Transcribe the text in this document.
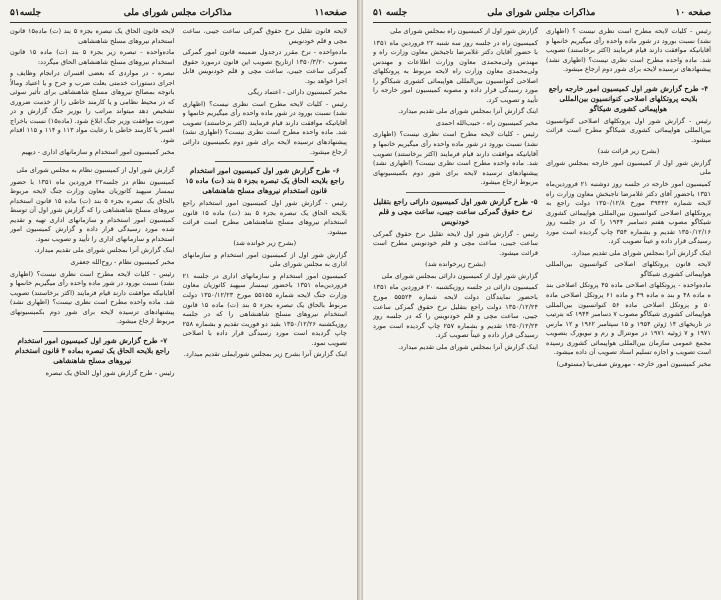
صفحه۱۱
مذاکرات مجلس شورای ملی
جلسه۵۱

لایحه قانون تقلیل نرخ حقوق گمرکی ساعت جیبی، ساعت مچی و قلم خودنویس

ماده‌واحده - نرخ مقرر درجدول ضمیمه قانون امور گمرکی مصوب ۱۳۵۰/۳/۲۰ ازتاریخ تصویب این قانون درمورد حقوق گمرکی ساعت جیبی، ساعت مچی و قلم خودنویس قابل اجرا خواهد بود.

مخبر کمیسیون دارائی - اعتماد ریگی

رئیس - کلیات لایحه مطرح است نظری نیست؟ (اظهاری نشد) نسبت بورود در شور ماده واحده رأی میگیریم خانمها و آقایانیکه موافقت دارند قیام فرمایند (اکثر برخاستند) تصویب شد. ماده واحده مطرح است نظری نیست؟ (اظهاری نشد) پیشنهادهای ترسیده لایحه برای شور دوم بکمیسیون دارائی ارجاع میشود.

۶- طرح گزارش شور اول کمیسیون امور استخدام راجع بلایحه الحاق یک تبصره بجزء ۵ بند (ت) ماده ۱۵ قانون استخدام نیروهای مسلح شاهنشاهی

رئیس - گزارش شور اول کمیسیون امور استخدام راجع بلایحه الحاق یک تبصره بجزء ۵ بند (ت) ماده ۱۵ قانون استخدام نیروهای مسلح شاهنشاهی مطرح است قرائت میشود.

(بشرح زیر خوانده شد)

گزارش شور اول از کمیسیون امور استخدام و سازمانهای اداری به مجلس شورای ملی

کمیسیون امور استخدام و سازمانهای اداری در جلسه ۲۱ فروردین‌ماه ۱۳۵۱ باحضور تیمسار سپهبد کاتوزیان معاون وزارت جنگ لایحه شماره ۵۵۱۵۵ مورخ ۱۳۵۰/۱۲/۲۳ دولت مربوط بالحاق یک تبصره بجزء ۵ بند (ت) ماده ۱۵ قانون استخدام نیروهای مسلح شاهنشاهی را که در جلسه روزیکشنبه ۱۳۵۰/۱۲/۲۶ بقید دو فوریت تقدیم و بشماره ۲۵۸ چاپ گردیده است مورد رسیدگی قرار داده با اصلاحی تصویب نمود.

اینک گزارش آنرا بشرح زیر بمجلس شورایملی تقدیم میدارد.

لایحه قانون الحاق یک تبصره بجزء ۵ بند (ت) ماده۱۵ قانون استخدام نیروهای مسلح شاهنشاهی

ماده‌واحده - تبصره زیر بجزء ۵ بند (ت) ماده ۱۵ قانون استخدام نیروهای مسلح شاهنشاهی الحاق میگردد:

تبصره - در مواردی که بعضی افسران درانجام وظایف و اجرای دستورات خدمتی بعلت ضرب و جرح و یا اعتیاد ومالاً باتوجه بمصالح نیروهای مسلح شاهنشاهی برای تأثیر سوئی که در محیط نظامی و یا کارمند خاطی را از خدمت ضروری تشخیص دهد میتواند مراتب را بوزیر جنگ گزارش و در صورت موافقت وزیر جنگ ابلاغ شود. (ماده۱۵) نسبت باخراج افسر یا کارمند خاطی با رعایت مواد ۱۱۳ و ۱۱۴ و ۱۱۵ اقدام شود.

مخبر کمیسیون امور استخدام و سازمانهای اداری - دیهیم

گزارش شور اول از کمیسیون نظام به مجلس شورای ملی

کمیسیون نظام در جلسه۲۲ فروردین ماه ۱۳۵۱ با حضور تیمسار سپهبد کاتوزیان معاون وزارت جنگ لایحه مربوط بالحاق یک تبصره بجزء ۵ بند (ت) ماده ۱۵ قانون استخدام نیروهای مسلح شاهنشاهی را که گزارش شور اول آن توسط کمیسیون امور استخدام و سازمانهای اداری تهیه و تقدیم شده مورد رسیدگی قرار داده و گزارش کمیسیون امور استخدام و سازمانهای اداری را تأیید و تصویب نمود.

اینک گزارش آنرا بمجلس شورای ملی تقدیم میدارد.

مخبر کمیسیون نظام - روح‌الله جعفری

رئیس - کلیات لایحه مطرح است نظری نیست؟ (اظهاری نشد) نسبت بورود در شور ماده واحده رأی میگیریم خانمها و آقایانیکه موافقت دارند قیام فرمایند (اکثر برخاستند) تصویب شد. ماده واحده مطرح است نظری نیست؟ (اظهاری نشد) پیشنهادهای ترسیده لایحه برای شور دوم بکمیسیونهای مربوط ارجاع میشود.

۷- طرح گزارش شور اول کمیسیون امور استخدام راجع بلایحه الحاق یک تبصره بماده ۴ قانون استخدام نیروهای مسلح شاهنشاهی

رئیس - طرح گزارش شور اول الحاق یک تبصره

صفحه ۱۰
مذاکرات مجلس شورای ملی
جلسه ۵۱

رئیس - کلیات لایحه مطرح است نظری نیست ؟ (اظهاری نشد) نسبت بورود در شور ماده واحده رأی میگیریم خانمها و آقایانیکه موافقت دارند قیام فرمایند (اکثر برخاستند) تصویب شد. ماده واحده مطرح است نظری نیست؟ (اظهاری نشد) پیشنهادهای ترسیده لایحه برای شور دوم ارجاع میشود.

۴- طرح گزارش شور اول کمیسیون امور خارجه راجع بلایحه پروتکلهای اصلاحی کنوانسیون بین‌المللی هواپیمائی کشوری شیکاگو

رئیس - گزارش شور اول پروتکلهای اصلاحی کنوانسیون بین‌المللی هواپیمائی کشوری شیکاگو مطرح است قرائت میشود.

(بشرح زیر قرائت شد)

گزارش شور اول از کمیسیون امور خارجه بمجلس شورای ملی

کمیسیون امور خارجه در جلسه روز دوشنبه ۲۱ فروردین‌ماه ۱۳۵۱ باحضور آقای دکتر غلامرضا تاجبخش معاون وزارت راه لایحه شماره ۳۹۴۴۲ مورخ ۱۳۵۰/۱۲/۸ دولت راجع به پروتکلهای اصلاحی کنوانسیون بین‌المللی هواپیمائی کشوری شیکاگو مصوب هفتم دسامبر ۱۹۴۴ را که در جلسه روز ۱۳۵۰/۱۲/۱۶ تقدیم و بشماره ۳۵۴ چاپ گردیده است مورد رسیدگی قرار داده و عیناً تصویب کرد.

اینک گزارش آنرا بمجلس شورای ملی تقدیم میدارد.

لایحه قانون پروتکلهای اصلاحی کنوانسیون بین‌المللی هواپیمائی کشوری شیکاگو

ماده‌واحده - پروتکلهای اصلاحی ماده ۴۵ پروتکل اصلاحی بند ه ماده ۴۸ و بند ه ماده ۴۹ و ماده ۶۱ پروتکل اصلاحی ماده ۵۰ و پروتکل اصلاحی ماده ۵۶ کنوانسیون بین‌المللی هواپیمائی کشوری شیکاگو مصوب ۷ دسامبر ۱۹۴۴ که بترتیب در تاریخهای ۱۴ ژوئن ۱۹۵۴ و ۱۵ سپتامبر ۱۹۶۲ و ۱۲ مارس ۱۹۷۱ و ۷ ژوئیه ۱۹۷۱ در مونترال و رم و نیویورک بتصویب مجمع عمومی سازمان بین‌المللی هواپیمائی کشوری رسیده است تصویب و اجازه تسلیم اسناد تصویب آن داده میشود.

مخبر کمیسیون امور خارجه - مهروش صفی‌نیا (مستوفی)

گزارش شور اول از کمیسیون راه بمجلس شورای ملی

کمیسیون راه در جلسه روز سه شنبه ۲۲ فروردین ماه ۱۳۵۱ با حضور آقایان دکتر غلامرضا تاجبخش معاون وزارت راه و مهندس ولی‌محمدی معاون وزارت اطلاعات و مهندس ولی‌محمدی معاون وزارت راه لایحه مربوط به پروتکلهای اصلاحی کنوانسیون بین‌المللی هواپیمائی کشوری شیکاگو را مورد رسیدگی قرار داده و مصوبه کمیسیون امور خارجه را تأیید و تصویب کرد.

اینک گزارش آنرا بمجلس شورای ملی تقدیم میدارد.

مخبر کمیسیون راه - حبیب‌الله احمدی

رئیس - کلیات لایحه مطرح است نظری نیست؟ (اظهاری نشد) نسبت بورود در شور ماده واحده رأی میگیریم خانمها و آقایانیکه موافقت دارند قیام فرمایند (اکثر برخاستند) تصویب شد. ماده واحده مطرح است نظری نیست؟ (اظهاری نشد) پیشنهادهای ترسیده لایحه برای شور دوم بکمیسیونهای مربوط ارجاع میشود.

۵- طرح گزارش شور اول کمیسیون دارائی راجع بتقلیل نرخ حقوق گمرکی ساعت جیبی، ساعت مچی و قلم خودنویس

رئیس - گزارش شور اول لایحه تقلیل نرخ حقوق گمرکی ساعت جیبی، ساعت مچی و قلم خودنویس مطرح است قرائت میشود.

(بشرح زیرخوانده شد)

گزارش شور اول از کمیسیون دارائی بمجلس شورای ملی

کمیسیون دارائی در جلسه روزیکشنبه ۲۰ فروردین ماه ۱۳۵۱ باحضور نمایندگان دولت لایحه شماره ۵۵۵۲۴ مورخ ۱۳۵۰/۱۲/۲۴ دولت راجع بتقلیل نرخ حقوق گمرکی ساعت جیبی، ساعت مچی و قلم خودنویس را که در جلسه روز ۱۳۵۰/۱۲/۲۴ تقدیم و بشماره ۲۵۷ چاپ گردیده است مورد رسیدگی قرار داده و عیناً تصویب کرد.

اینک گزارش آنرا بمجلس شورای ملی تقدیم میدارد.
